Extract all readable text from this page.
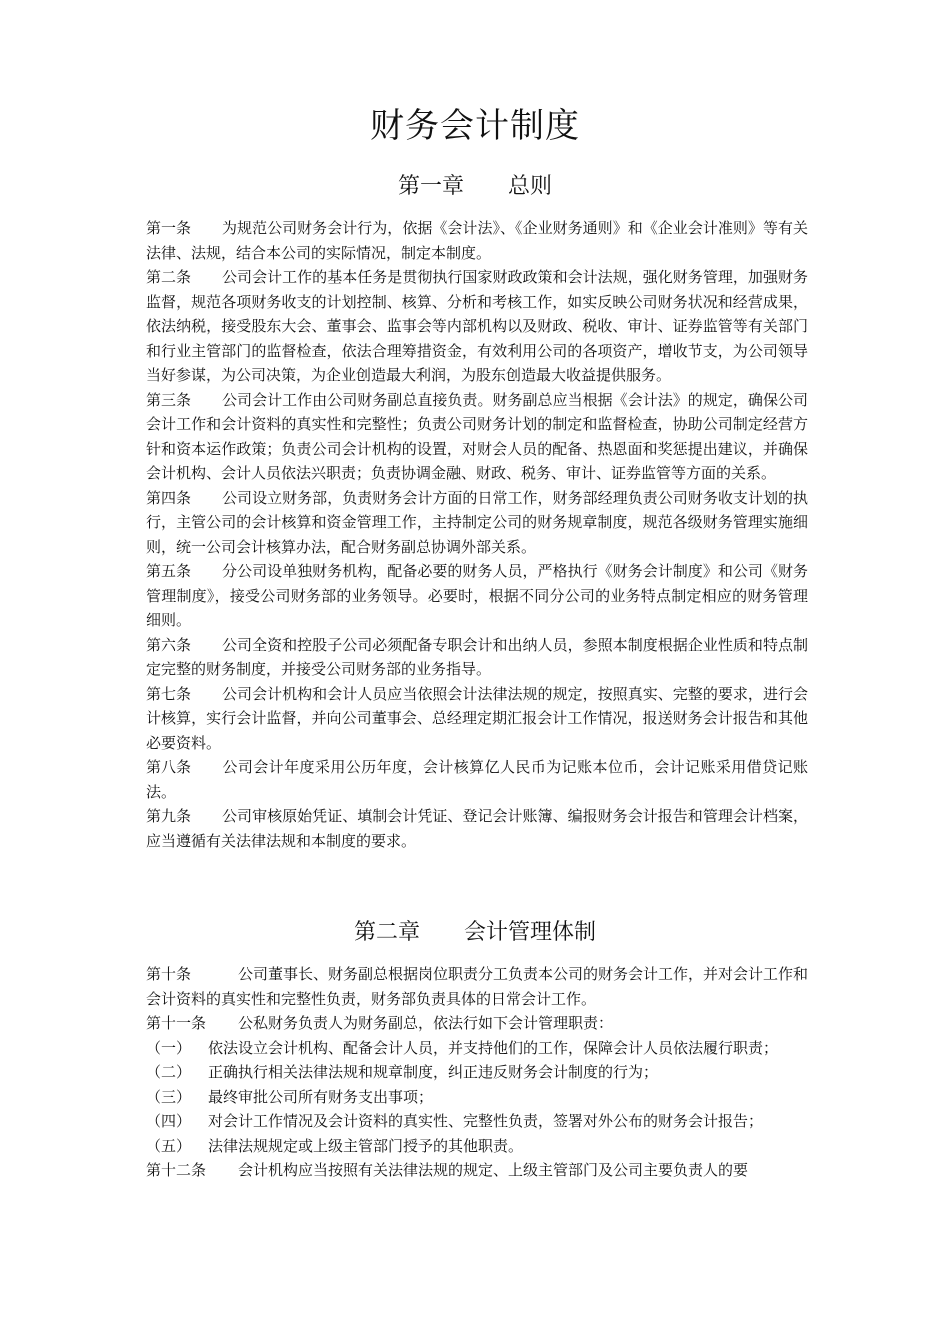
财务会计制度
第一章 总则

第一条 为规范公司财务会计行为，依据《会计法》、《企业财务通则》和《企业会计准则》等有关法律、法规，结合本公司的实际情况，制定本制度。

第二条 公司会计工作的基本任务是贯彻执行国家财政政策和会计法规，强化财务管理，加强财务监督，规范各项财务收支的计划控制、核算、分析和考核工作，如实反映公司财务状况和经营成果，依法纳税，接受股东大会、董事会、监事会等内部机构以及财政、税收、审计、证券监管等有关部门和行业主管部门的监督检查，依法合理筹措资金，有效利用公司的各项资产，增收节支，为公司领导当好参谋，为公司决策，为企业创造最大利润，为股东创造最大收益提供服务。

第三条 公司会计工作由公司财务副总直接负责。财务副总应当根据《会计法》的规定，确保公司会计工作和会计资料的真实性和完整性；负责公司财务计划的制定和监督检查，协助公司制定经营方针和资本运作政策；负责公司会计机构的设置，对财会人员的配备、热恩面和奖惩提出建议，并确保会计机构、会计人员依法兴职责；负责协调金融、财政、税务、审计、证券监管等方面的关系。

第四条 公司设立财务部，负责财务会计方面的日常工作，财务部经理负责公司财务收支计划的执行，主管公司的会计核算和资金管理工作，主持制定公司的财务规章制度，规范各级财务管理实施细则，统一公司会计核算办法，配合财务副总协调外部关系。

第五条 分公司设单独财务机构，配备必要的财务人员，严格执行《财务会计制度》和公司《财务管理制度》，接受公司财务部的业务领导。必要时，根据不同分公司的业务特点制定相应的财务管理细则。

第六条 公司全资和控股子公司必须配备专职会计和出纳人员，参照本制度根据企业性质和特点制定完整的财务制度，并接受公司财务部的业务指导。

第七条 公司会计机构和会计人员应当依照会计法律法规的规定，按照真实、完整的要求，进行会计核算，实行会计监督，并向公司董事会、总经理定期汇报会计工作情况，报送财务会计报告和其他必要资料。

第八条 公司会计年度采用公历年度，会计核算亿人民币为记账本位币，会计记账采用借贷记账法。

第九条 公司审核原始凭证、填制会计凭证、登记会计账簿、编报财务会计报告和管理会计档案，应当遵循有关法律法规和本制度的要求。

第二章 会计管理体制

第十条	公司董事长、财务副总根据岗位职责分工负责本公司的财务会计工作，并对会计工作和会计资料的真实性和完整性负责，财务部负责具体的日常会计工作。

第十一条 公私财务负责人为财务副总，依法行如下会计管理职责：

（一） 依法设立会计机构、配备会计人员，并支持他们的工作，保障会计人员依法履行职责；

（二） 正确执行相关法律法规和规章制度，纠正违反财务会计制度的行为；

（三） 最终审批公司所有财务支出事项；

（四） 对会计工作情况及会计资料的真实性、完整性负责，签署对外公布的财务会计报告；

（五） 法律法规规定或上级主管部门授予的其他职责。

第十二条 会计机构应当按照有关法律法规的规定、上级主管部门及公司主要负责人的要
